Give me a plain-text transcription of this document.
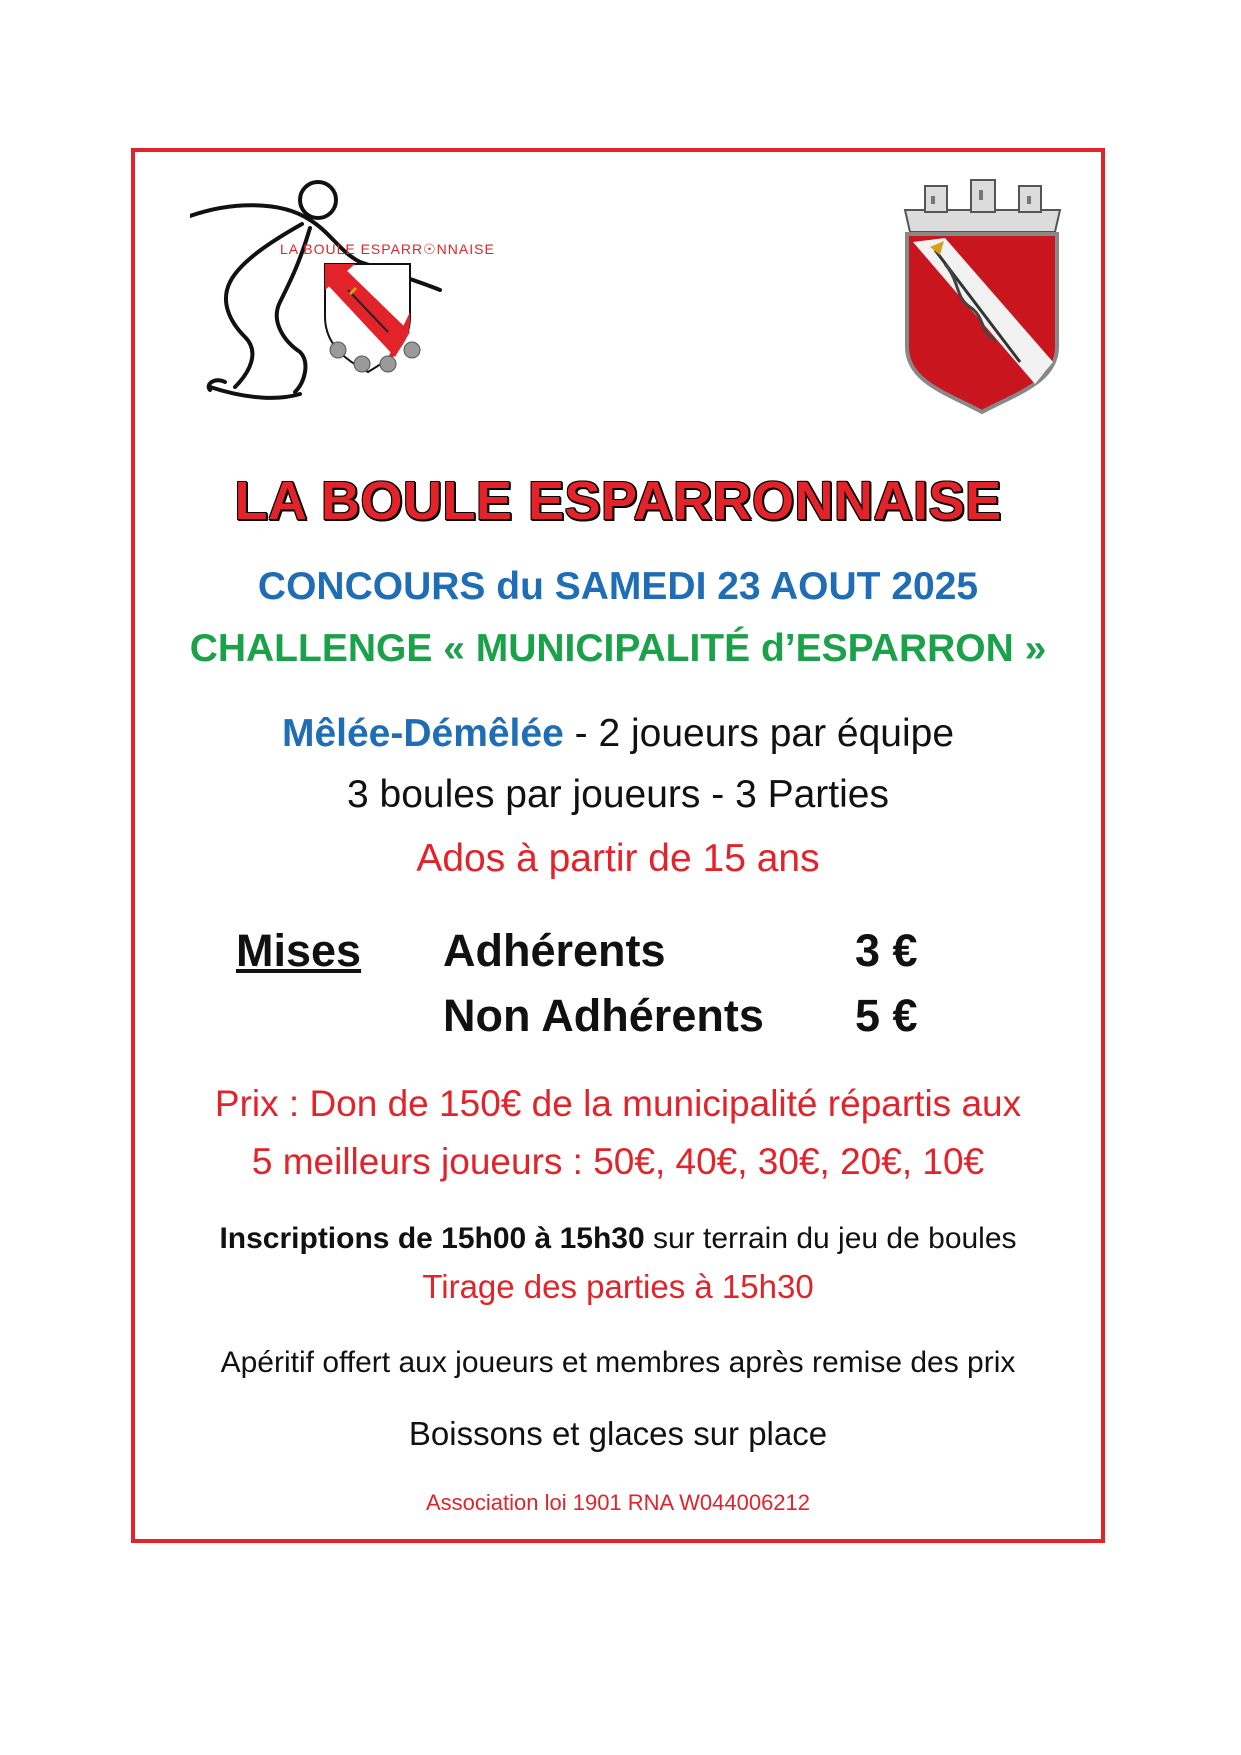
LA BOULE ESPARR☉NNAISE
LA BOULE ESPARRONNAISE
CONCOURS du SAMEDI 23 AOUT 2025
CHALLENGE « MUNICIPALITÉ d’ESPARRON »
Mêlée-Démêlée - 2 joueurs par équipe
3 boules par joueurs - 3 Parties
Ados à partir de 15 ans
Mises Adhérents	3 €
Non Adhérents 5 €
Prix : Don de 150€ de la municipalité répartis aux
5 meilleurs joueurs : 50€, 40€, 30€, 20€, 10€
Inscriptions de 15h00 à 15h30 sur terrain du jeu de boules
Tirage des parties à 15h30
Apéritif offert aux joueurs et membres après remise des prix
Boissons et glaces sur place
Association loi 1901 RNA W044006212
